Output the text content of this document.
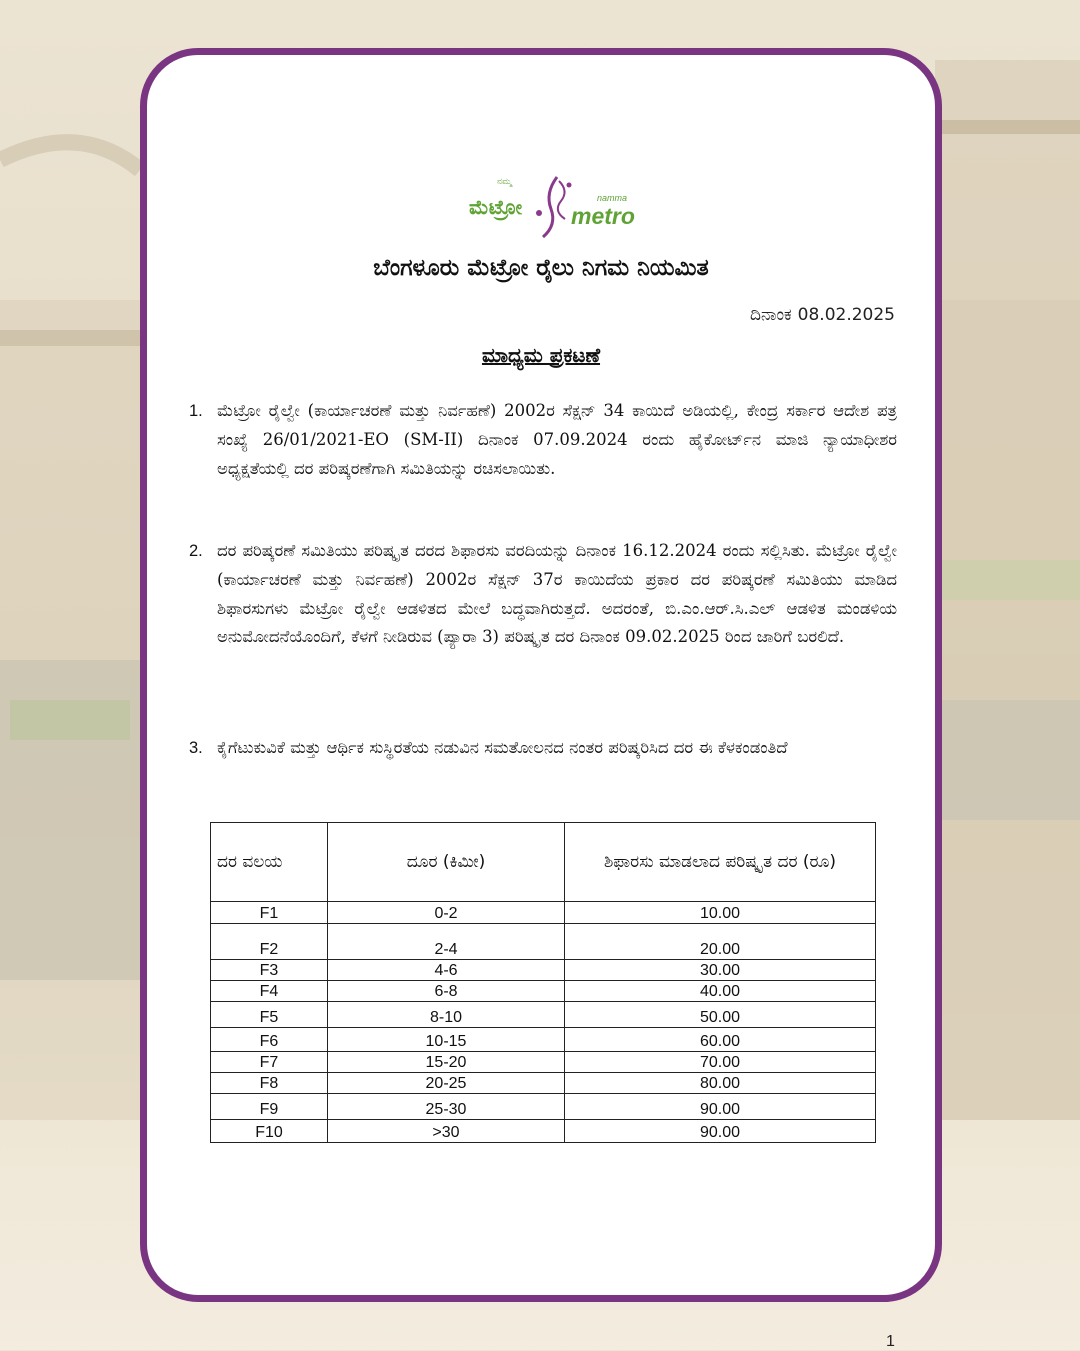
ನಮ್ಮ
ಮೆಟ್ರೋ	namma
metro
ಬೆಂಗಳೂರು ಮೆಟ್ರೋ ರೈಲು ನಿಗಮ ನಿಯಮಿತ
ದಿನಾಂಕ 08.02.2025
ಮಾಧ್ಯಮ ಪ್ರಕಟಣೆ
1. ಮೆಟ್ರೋ ರೈಲ್ವೇ (ಕಾರ್ಯಾಚರಣೆ ಮತ್ತು ನಿರ್ವಹಣೆ) 2002ರ ಸೆಕ್ಷನ್ 34 ಕಾಯಿದೆ ಅಡಿಯಲ್ಲಿ, ಕೇಂದ್ರ ಸರ್ಕಾರ ಆದೇಶ ಪತ್ರ ಸಂಖ್ಯೆ 26/01/2021-EO (SM-II) ದಿನಾಂಕ 07.09.2024 ರಂದು ಹೈಕೋರ್ಟ್‌ನ ಮಾಜಿ ನ್ಯಾಯಾಧೀಶರ ಅಧ್ಯಕ್ಷತೆಯಲ್ಲಿ ದರ ಪರಿಷ್ಕರಣೆಗಾಗಿ ಸಮಿತಿಯನ್ನು ರಚಿಸಲಾಯಿತು.
2. ದರ ಪರಿಷ್ಕರಣೆ ಸಮಿತಿಯು ಪರಿಷ್ಕೃತ ದರದ ಶಿಫಾರಸು ವರದಿಯನ್ನು ದಿನಾಂಕ 16.12.2024 ರಂದು ಸಲ್ಲಿಸಿತು. ಮೆಟ್ರೋ ರೈಲ್ವೇ (ಕಾರ್ಯಾಚರಣೆ ಮತ್ತು ನಿರ್ವಹಣೆ) 2002ರ ಸೆಕ್ಷನ್ 37ರ ಕಾಯಿದೆಯ ಪ್ರಕಾರ ದರ ಪರಿಷ್ಕರಣೆ ಸಮಿತಿಯು ಮಾಡಿದ ಶಿಫಾರಸುಗಳು ಮೆಟ್ರೋ ರೈಲ್ವೇ ಆಡಳಿತದ ಮೇಲೆ ಬದ್ಧವಾಗಿರುತ್ತದೆ. ಅದರಂತೆ, ಬಿ.ಎಂ.ಆರ್.ಸಿ.ಎಲ್ ಆಡಳಿತ ಮಂಡಳಿಯ ಅನುಮೋದನೆಯೊಂದಿಗೆ, ಕೆಳಗೆ ನೀಡಿರುವ (ಪ್ಯಾರಾ 3) ಪರಿಷ್ಕೃತ ದರ ದಿನಾಂಕ 09.02.2025 ರಿಂದ ಜಾರಿಗೆ ಬರಲಿದೆ.
3. ಕೈಗೆಟುಕುವಿಕೆ ಮತ್ತು ಆರ್ಥಿಕ ಸುಸ್ಥಿರತೆಯ ನಡುವಿನ ಸಮತೋಲನದ ನಂತರ ಪರಿಷ್ಕರಿಸಿದ ದರ ಈ ಕೆಳಕಂಡಂತಿದೆ
ದರ ವಲಯ	ದೂರ (ಕಿಮೀ)	ಶಿಫಾರಸು ಮಾಡಲಾದ ಪರಿಷ್ಕೃತ ದರ (ರೂ)
F1	0-2	10.00
F2	2-4	20.00
F3	4-6	30.00
F4	6-8	40.00
F5	8-10	50.00
F6	10-15	60.00
F7	15-20	70.00
F8	20-25	80.00
F9	25-30	90.00
F10	>30	90.00
1
